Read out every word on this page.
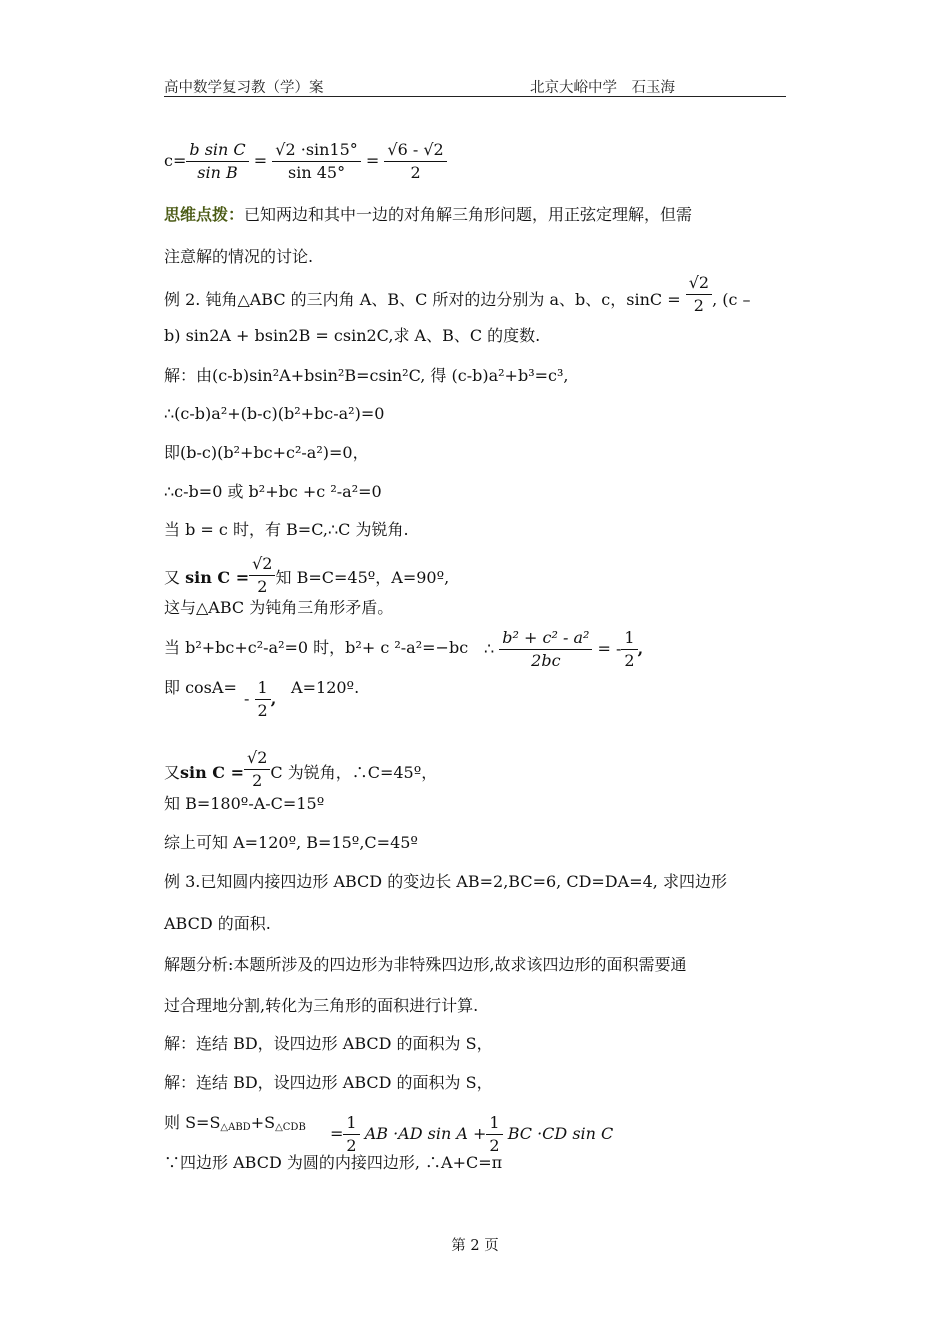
高中数学复习教（学）案	北京大峪中学　石玉海
$c= \frac{\text{b sin C}}{\text{sin B}} = \frac{√2 \cdot\sin 15^\circ}{\sin 45^\circ} = \frac{√6 - √2}{2}$
思维点拨：已知两边和其中一边的对角解三角形问题，用正弦定理解，但需
注意解的情况的讨论.
例 2. 钝角△ABC 的三内角 A、B、C 所对的边分别为 a、b、c，$\sin C = \frac{√2}{2}$ , (c –
b) sin2A + bsin2B = csin2C,求 A、B、C 的度数.
解：由(c-b)sin²A+bsin²B=csin²C, 得 (c-b)a²+b³=c³,
∴(c-b)a²+(b-c)(b²+bc-a²)=0
即(b-c)(b²+bc+c²-a²)=0，
∴c-b=0 或 b²+bc +c ²-a²=0
当 b = c 时，有 B=C,∴C 为锐角.
又 $\sin C = \frac{√2}{2}$ 知 B=C=45º，A=90º,
这与△ABC 为钝角三角形矛盾。
当 b²+bc+c²-a²=0 时，b²+ c ²-a²=−bc ∴ $\frac{\text{b² + c² - a²}}{2bc}$ = - $\frac{1}{2}$ ,
即 cosA=	A=120º.
- $\frac{1}{2}$ ,
又$\sin C = \frac{√2}{2}$ C 为锐角，∴C=45º，
知 B=180º-A-C=15º
综上可知 A=120º, B=15º,C=45º
例 3.已知圆内接四边形 ABCD 的变边长 AB=2,BC=6, CD=DA=4, 求四边形
ABCD 的面积.
解题分析:本题所涉及的四边形为非特殊四边形,故求该四边形的面积需要通
过合理地分割,转化为三角形的面积进行计算.
解：连结 BD，设四边形 ABCD 的面积为 S，
解：连结 BD，设四边形 ABCD 的面积为 S，
则 $S=S_{\triangle ABD}+S_{\triangle CDB} = \frac{1}{2}$ AB ·AD $\sin A + \frac{1}{2}$ BC ·CD sin C
∵四边形 ABCD 为圆的内接四边形, ∴A+C=π
第 2 页
